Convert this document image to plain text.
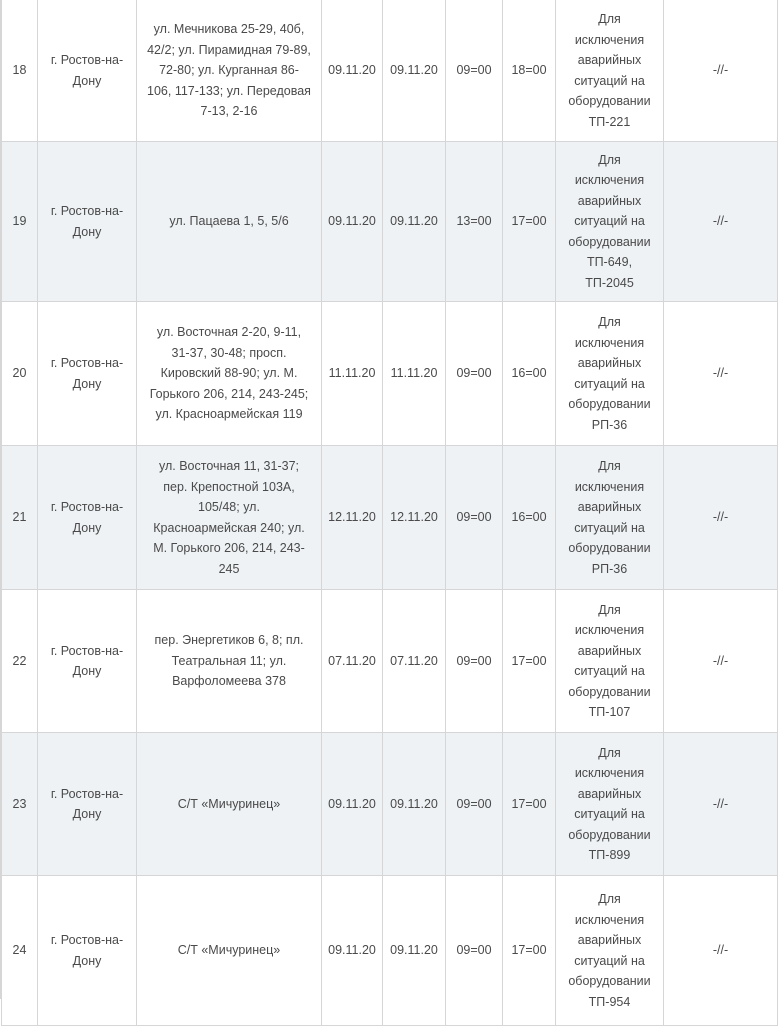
18	г. Ростов-на-Дону	ул. Мечникова 25-29, 40б, 42/2; ул. Пирамидная 79-89, 72-80; ул. Курганная 86-106, 117-133; ул. Передовая 7-13, 2-16	09.11.20	09.11.20	09=00	18=00	Для исключения аварийных ситуаций на оборудовании ТП-221	-//-
19	г. Ростов-на-Дону	ул. Пацаева 1, 5, 5/6	09.11.20	09.11.20	13=00	17=00	Для исключения аварийных ситуаций на оборудовании ТП-649, ТП-2045	-//-
20	г. Ростов-на-Дону	ул. Восточная 2-20, 9-11, 31-37, 30-48; просп. Кировский 88-90; ул. М. Горького 206, 214, 243-245; ул. Красноармейская 119	11.11.20	11.11.20	09=00	16=00	Для исключения аварийных ситуаций на оборудовании РП-36	-//-
21	г. Ростов-на-Дону	ул. Восточная 11, 31-37; пер. Крепостной 103А, 105/48; ул. Красноармейская 240; ул. М. Горького 206, 214, 243-245	12.11.20	12.11.20	09=00	16=00	Для исключения аварийных ситуаций на оборудовании РП-36	-//-
22	г. Ростов-на-Дону	пер. Энергетиков 6, 8; пл. Театральная 11; ул. Варфоломеева 378	07.11.20	07.11.20	09=00	17=00	Для исключения аварийных ситуаций на оборудовании ТП-107	-//-
23	г. Ростов-на-Дону	С/Т «Мичуринец»	09.11.20	09.11.20	09=00	17=00	Для исключения аварийных ситуаций на оборудовании ТП-899	-//-
24	г. Ростов-на-Дону	С/Т «Мичуринец»	09.11.20	09.11.20	09=00	17=00	Для исключения аварийных ситуаций на оборудовании ТП-954	-//-
